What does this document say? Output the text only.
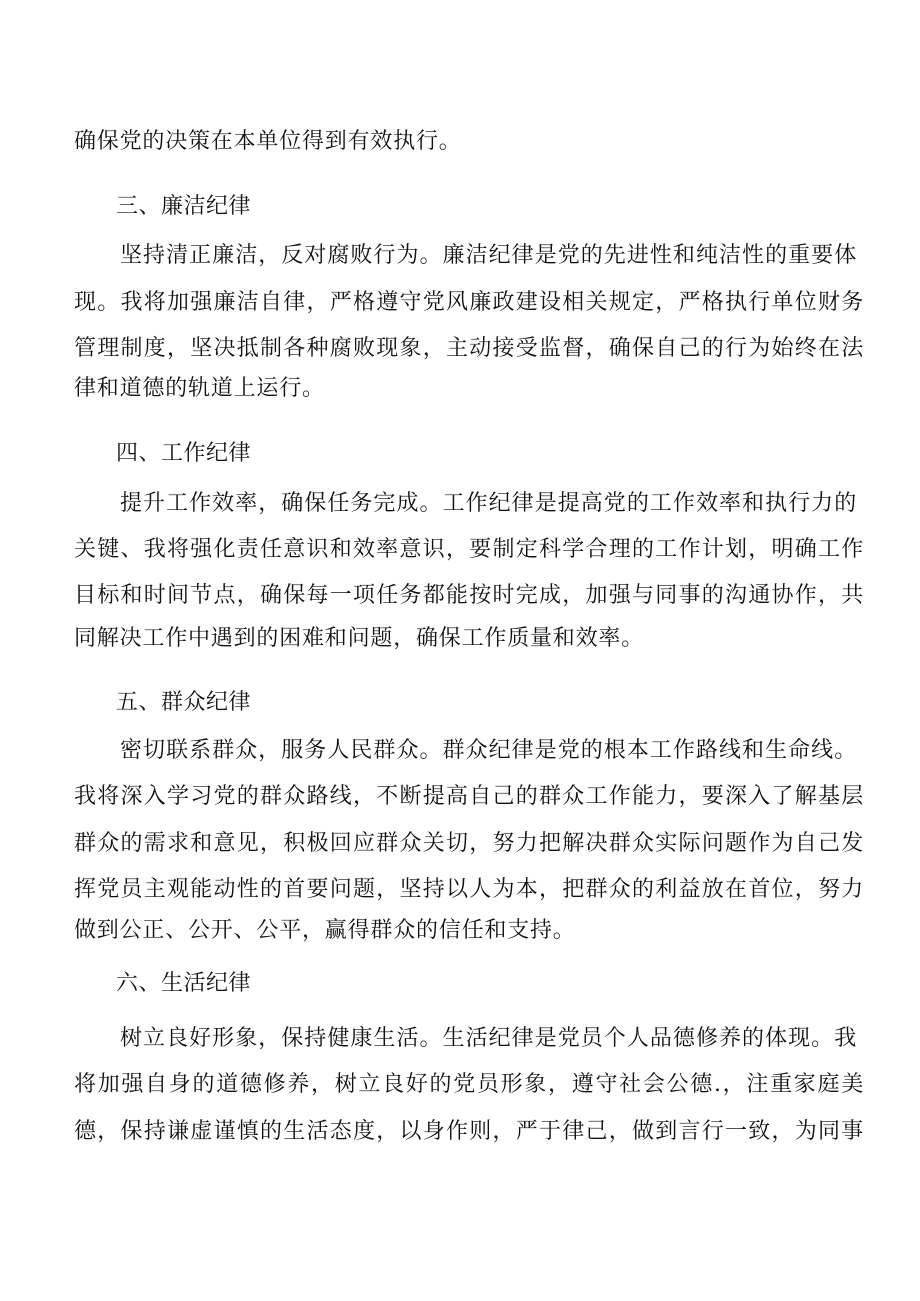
确保党的决策在本单位得到有效执行。
三、廉洁纪律
坚持清正廉洁，反对腐败行为。廉洁纪律是党的先进性和纯洁性的重要体
现。我将加强廉洁自律，严格遵守党风廉政建设相关规定，严格执行单位财务
管理制度，坚决抵制各种腐败现象，主动接受监督，确保自己的行为始终在法
律和道德的轨道上运行。
四、工作纪律
提升工作效率，确保任务完成。工作纪律是提高党的工作效率和执行力的
关键、我将强化责任意识和效率意识，要制定科学合理的工作计划，明确工作
目标和时间节点，确保每一项任务都能按时完成，加强与同事的沟通协作，共
同解决工作中遇到的困难和问题，确保工作质量和效率。
五、群众纪律
密切联系群众，服务人民群众。群众纪律是党的根本工作路线和生命线。
我将深入学习党的群众路线，不断提高自己的群众工作能力，要深入了解基层
群众的需求和意见，积极回应群众关切，努力把解决群众实际问题作为自己发
挥党员主观能动性的首要问题，坚持以人为本，把群众的利益放在首位，努力
做到公正、公开、公平，赢得群众的信任和支持。
六、生活纪律
树立良好形象，保持健康生活。生活纪律是党员个人品德修养的体现。我
将加强自身的道德修养，树立良好的党员形象，遵守社会公德.，注重家庭美
德，保持谦虚谨慎的生活态度，以身作则，严于律己，做到言行一致，为同事
